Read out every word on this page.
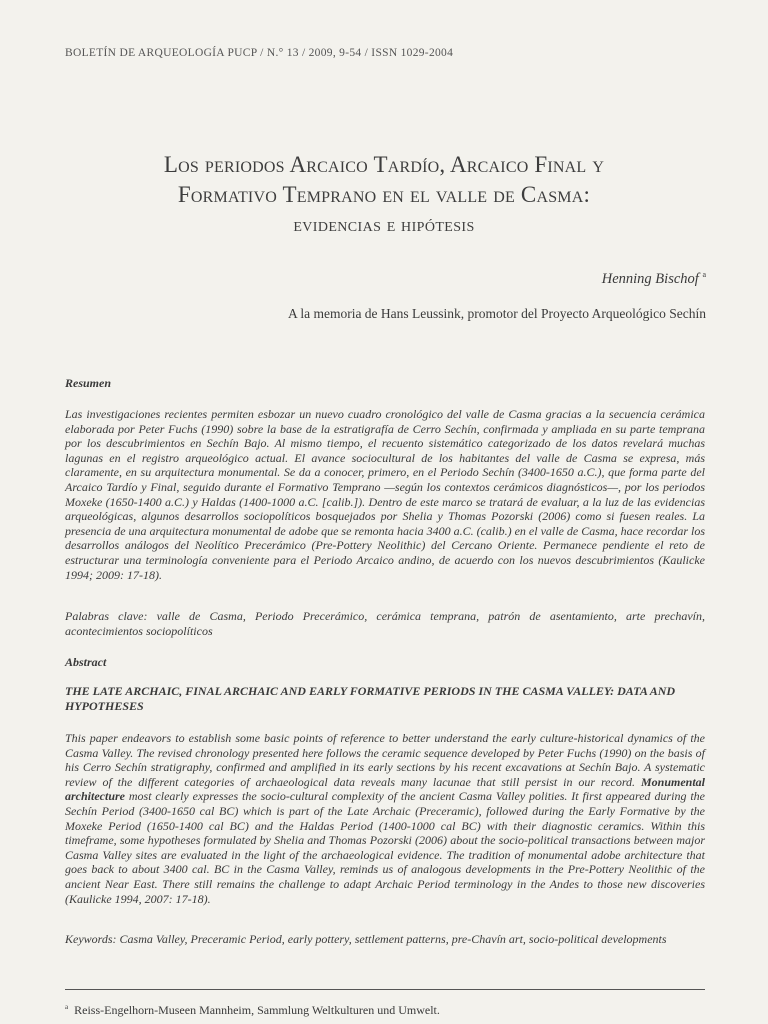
BOLETÍN DE ARQUEOLOGÍA PUCP / N.° 13 / 2009, 9-54 / ISSN 1029-2004
Los periodos Arcaico Tardío, Arcaico Final y
Formativo Temprano en el valle de Casma:
evidencias e hipótesis
Henning Bischof $^a$
A la memoria de Hans Leussink, promotor del Proyecto Arqueológico Sechín
Resumen
Las investigaciones recientes permiten esbozar un nuevo cuadro cronológico del valle de Casma gracias a la secuencia cerámica elaborada por Peter Fuchs (1990) sobre la base de la estratigrafía de Cerro Sechín, confirmada y ampliada en su parte temprana por los descubrimientos en Sechín Bajo. Al mismo tiempo, el recuento sistemático categorizado de los datos revelará muchas lagunas en el registro arqueológico actual. El avance sociocultural de los habitantes del valle de Casma se expresa, más claramente, en su arquitectura monumental. Se da a conocer, primero, en el Periodo Sechín (3400-1650 a.C.), que forma parte del Arcaico Tardío y Final, seguido durante el Formativo Temprano —según los contextos cerámicos diagnósticos—, por los periodos Moxeke (1650-1400 a.C.) y Haldas (1400-1000 a.C. [calib.]). Dentro de este marco se tratará de evaluar, a la luz de las evidencias arqueológicas, algunos desarrollos sociopolíticos bosquejados por Shelia y Thomas Pozorski (2006) como si fuesen reales. La presencia de una arquitectura monumental de adobe que se remonta hacia 3400 a.C. (calib.) en el valle de Casma, hace recordar los desarrollos análogos del Neolítico Precerámico (Pre-Pottery Neolithic) del Cercano Oriente. Permanece pendiente el reto de estructurar una terminología conveniente para el Periodo Arcaico andino, de acuerdo con los nuevos descubrimientos (Kaulicke 1994; 2009: 17-18).
Palabras clave: valle de Casma, Periodo Precerámico, cerámica temprana, patrón de asentamiento, arte prechavín, acontecimientos sociopolíticos
Abstract
THE LATE ARCHAIC, FINAL ARCHAIC AND EARLY FORMATIVE PERIODS IN THE CASMA VALLEY: DATA AND HYPOTHESES
This paper endeavors to establish some basic points of reference to better understand the early culture-historical dynamics of the Casma Valley. The revised chronology presented here follows the ceramic sequence developed by Peter Fuchs (1990) on the basis of his Cerro Sechín stratigraphy, confirmed and amplified in its early sections by his recent excavations at Sechín Bajo. A systematic review of the different categories of archaeological data reveals many lacunae that still persist in our record. Monumental architecture most clearly expresses the socio-cultural complexity of the ancient Casma Valley polities. It first appeared during the Sechín Period (3400-1650 cal BC) which is part of the Late Archaic (Preceramic), followed during the Early Formative by the Moxeke Period (1650-1400 cal BC) and the Haldas Period (1400-1000 cal BC) with their diagnostic ceramics. Within this timeframe, some hypotheses formulated by Shelia and Thomas Pozorski (2006) about the socio-political transactions between major Casma Valley sites are evaluated in the light of the archaeological evidence. The tradition of monumental adobe architecture that goes back to about 3400 cal. BC in the Casma Valley, reminds us of analogous developments in the Pre-Pottery Neolithic of the ancient Near East. There still remains the challenge to adapt Archaic Period terminology in the Andes to those new discoveries (Kaulicke 1994, 2007: 17-18).
Keywords: Casma Valley, Preceramic Period, early pottery, settlement patterns, pre-Chavín art, socio-political developments
$^a$ Reiss-Engelhorn-Museen Mannheim, Sammlung Weltkulturen und Umwelt.
